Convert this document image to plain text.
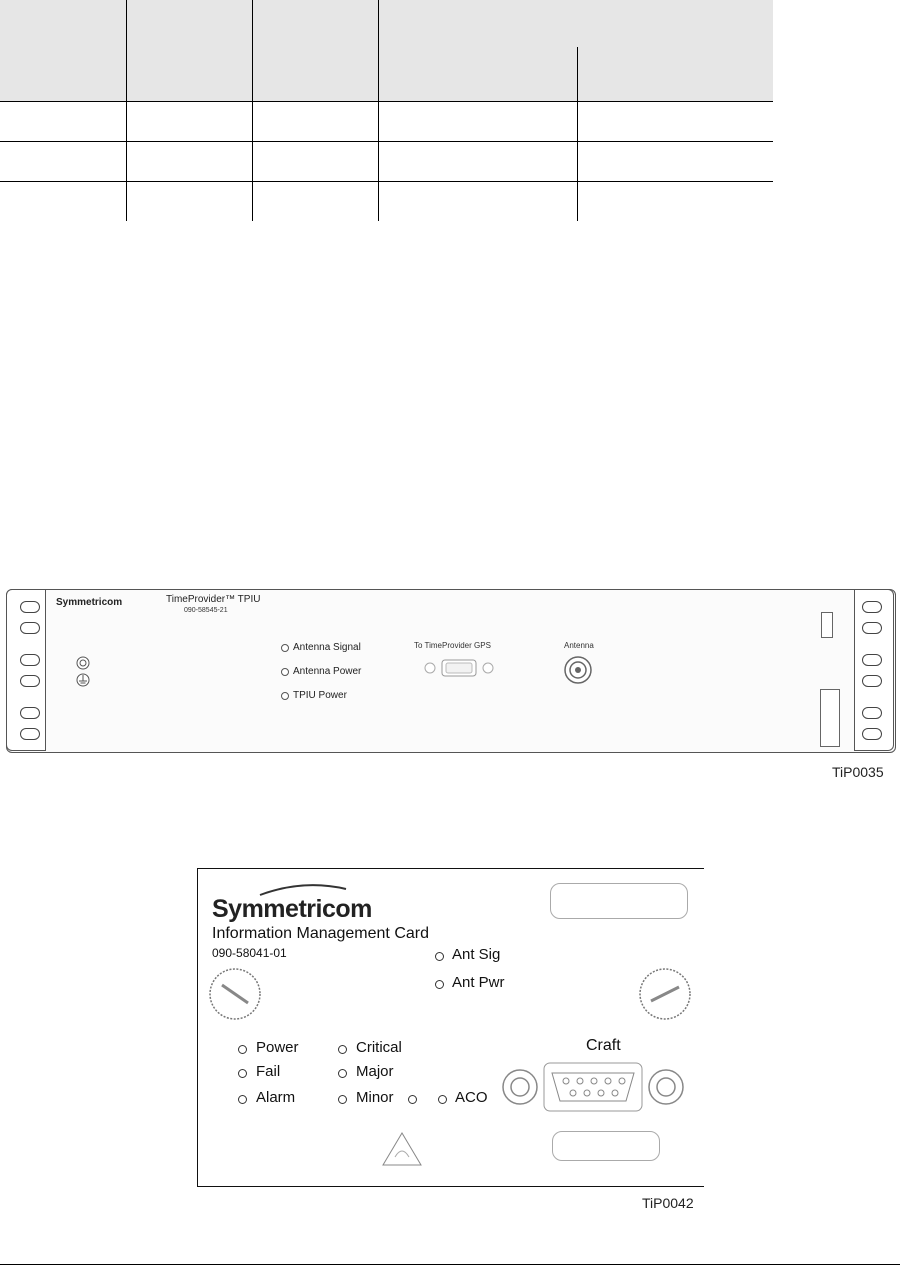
Symmetricom	TimeProvider™ TPIU
090-58545-21
Antenna Signal
Antenna Power
TPIU Power
To TimeProvider GPS	Antenna
TiP0035
Symmetricom
Information Management Card
090-58041-01	Ant Sig
Ant Pwr
Power
Fail
Alarm
Critical
Major
Minor	ACO
Craft
TiP0042
